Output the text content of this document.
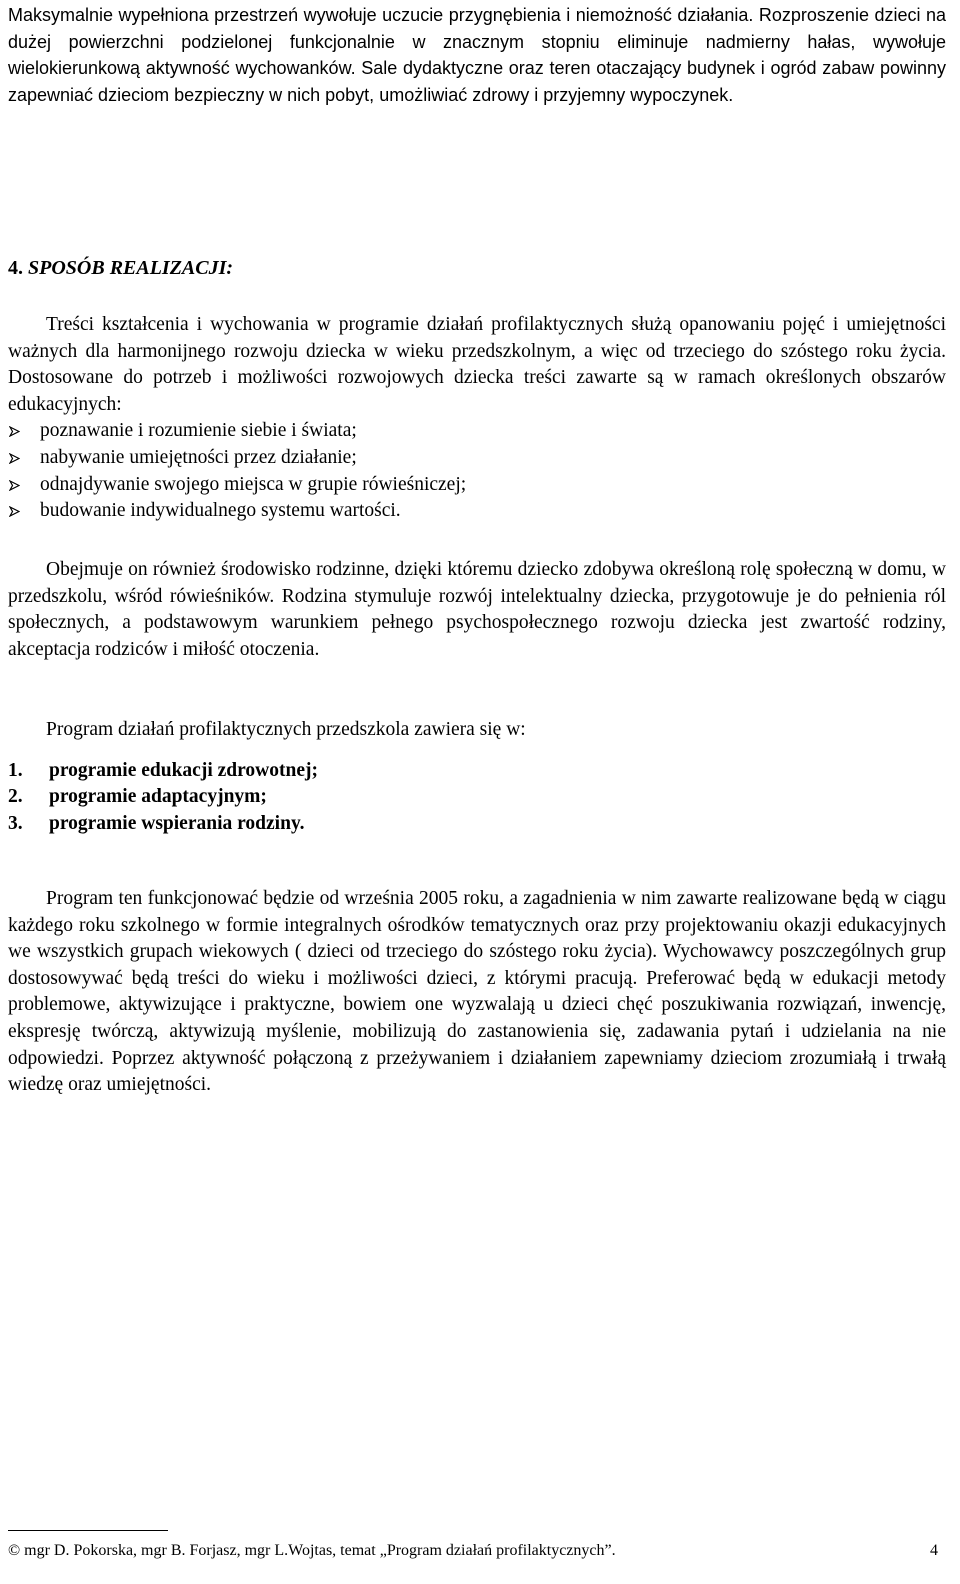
Maksymalnie wypełniona przestrzeń wywołuje uczucie przygnębienia i niemożność działania. Rozproszenie dzieci na dużej powierzchni podzielonej funkcjonalnie w znacznym stopniu eliminuje nadmierny hałas, wywołuje wielokierunkową aktywność wychowanków. Sale dydaktyczne oraz teren otaczający budynek i ogród zabaw powinny zapewniać dzieciom bezpieczny w nich pobyt, umożliwiać zdrowy i przyjemny wypoczynek.

4. SPOSÓB REALIZACJI:

Treści kształcenia i wychowania w programie działań profilaktycznych służą opanowaniu pojęć i umiejętności ważnych dla harmonijnego rozwoju dziecka w wieku przedszkolnym, a więc od trzeciego do szóstego roku życia. Dostosowane do potrzeb i możliwości rozwojowych dziecka treści zawarte są w ramach określonych obszarów edukacyjnych:

poznawanie i rozumienie siebie i świata;
nabywanie umiejętności przez działanie;
odnajdywanie swojego miejsca w grupie rówieśniczej;
budowanie indywidualnego systemu wartości.

Obejmuje on również środowisko rodzinne, dzięki któremu dziecko zdobywa określoną rolę społeczną w domu, w przedszkolu, wśród rówieśników. Rodzina stymuluje rozwój intelektualny dziecka, przygotowuje je do pełnienia ról społecznych, a podstawowym warunkiem pełnego psychospołecznego rozwoju dziecka jest zwartość rodziny, akceptacja rodziców i miłość otoczenia.

Program działań profilaktycznych przedszkola zawiera się w:

1. programie edukacji zdrowotnej;
2. programie adaptacyjnym;
3. programie wspierania rodziny.

Program ten funkcjonować będzie od września 2005 roku, a zagadnienia w nim zawarte realizowane będą w ciągu każdego roku szkolnego w formie integralnych ośrodków tematycznych oraz przy projektowaniu okazji edukacyjnych we wszystkich grupach wiekowych ( dzieci od trzeciego do szóstego roku życia). Wychowawcy poszczególnych grup dostosowywać będą treści do wieku i możliwości dzieci, z którymi pracują. Preferować będą w edukacji metody problemowe, aktywizujące i praktyczne, bowiem one wyzwalają u dzieci chęć poszukiwania rozwiązań, inwencję, ekspresję twórczą, aktywizują myślenie, mobilizują do zastanowienia się, zadawania pytań i udzielania na nie odpowiedzi. Poprzez aktywność połączoną z przeżywaniem i działaniem zapewniamy dzieciom zrozumiałą i trwałą wiedzę oraz umiejętności.

© mgr D. Pokorska, mgr B. Forjasz, mgr L.Wojtas, temat „Program działań profilaktycznych”.	4
